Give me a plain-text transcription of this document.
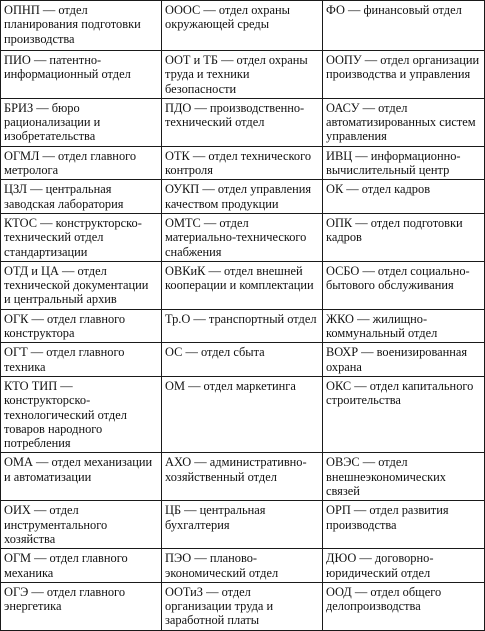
ОПНП — отдел планирования подготовки производства	ОООС — отдел охраны окружающей среды	ФО — финансовый отдел
ПИО — патентно-информационный отдел	ООТ и ТБ — отдел охраны труда и техники безопасности	ООПУ — отдел организации производства и управления
БРИЗ — бюро рационализации и изобретательства	ПДО — производственно-технический отдел	ОАСУ — отдел автоматизированных систем управления
ОГМЛ — отдел главного метролога	ОТК — отдел технического контроля	ИВЦ — информационно-вычислительный центр
ЦЗЛ — центральная заводская лаборатория	ОУКП — отдел управления качеством продукции	ОК — отдел кадров
КТОС — конструкторско-технический отдел стандартизации	ОМТС — отдел материально-технического снабжения	ОПК — отдел подготовки кадров
ОТД и ЦА — отдел технической документации и центральный архив	ОВКиК — отдел внешней кооперации и комплектации	ОСБО — отдел социально-бытового обслуживания
ОГК — отдел главного конструктора	Тр.О — транспортный отдел	ЖКО — жилищно-коммунальный отдел
ОГТ — отдел главного техника	ОС — отдел сбыта	ВОХР — военизированная охрана
КТО ТИП — конструкторско-технологический отдел товаров народного потребления	ОМ — отдел маркетинга	ОКС — отдел капитального строительства
ОМА — отдел механизации и автоматизации	АХО — административно-хозяйственный отдел	ОВЭС — отдел внешнеэкономических связей
ОИХ — отдел инструментального хозяйства	ЦБ — центральная бухгалтерия	ОРП — отдел развития производства
ОГМ — отдел главного механика	ПЭО — планово-экономический отдел	ДЮО — договорно-юридический отдел
ОГЭ — отдел главного энергетика	ООТиЗ — отдел организации труда и заработной платы	ООД — отдел общего делопроизводства
